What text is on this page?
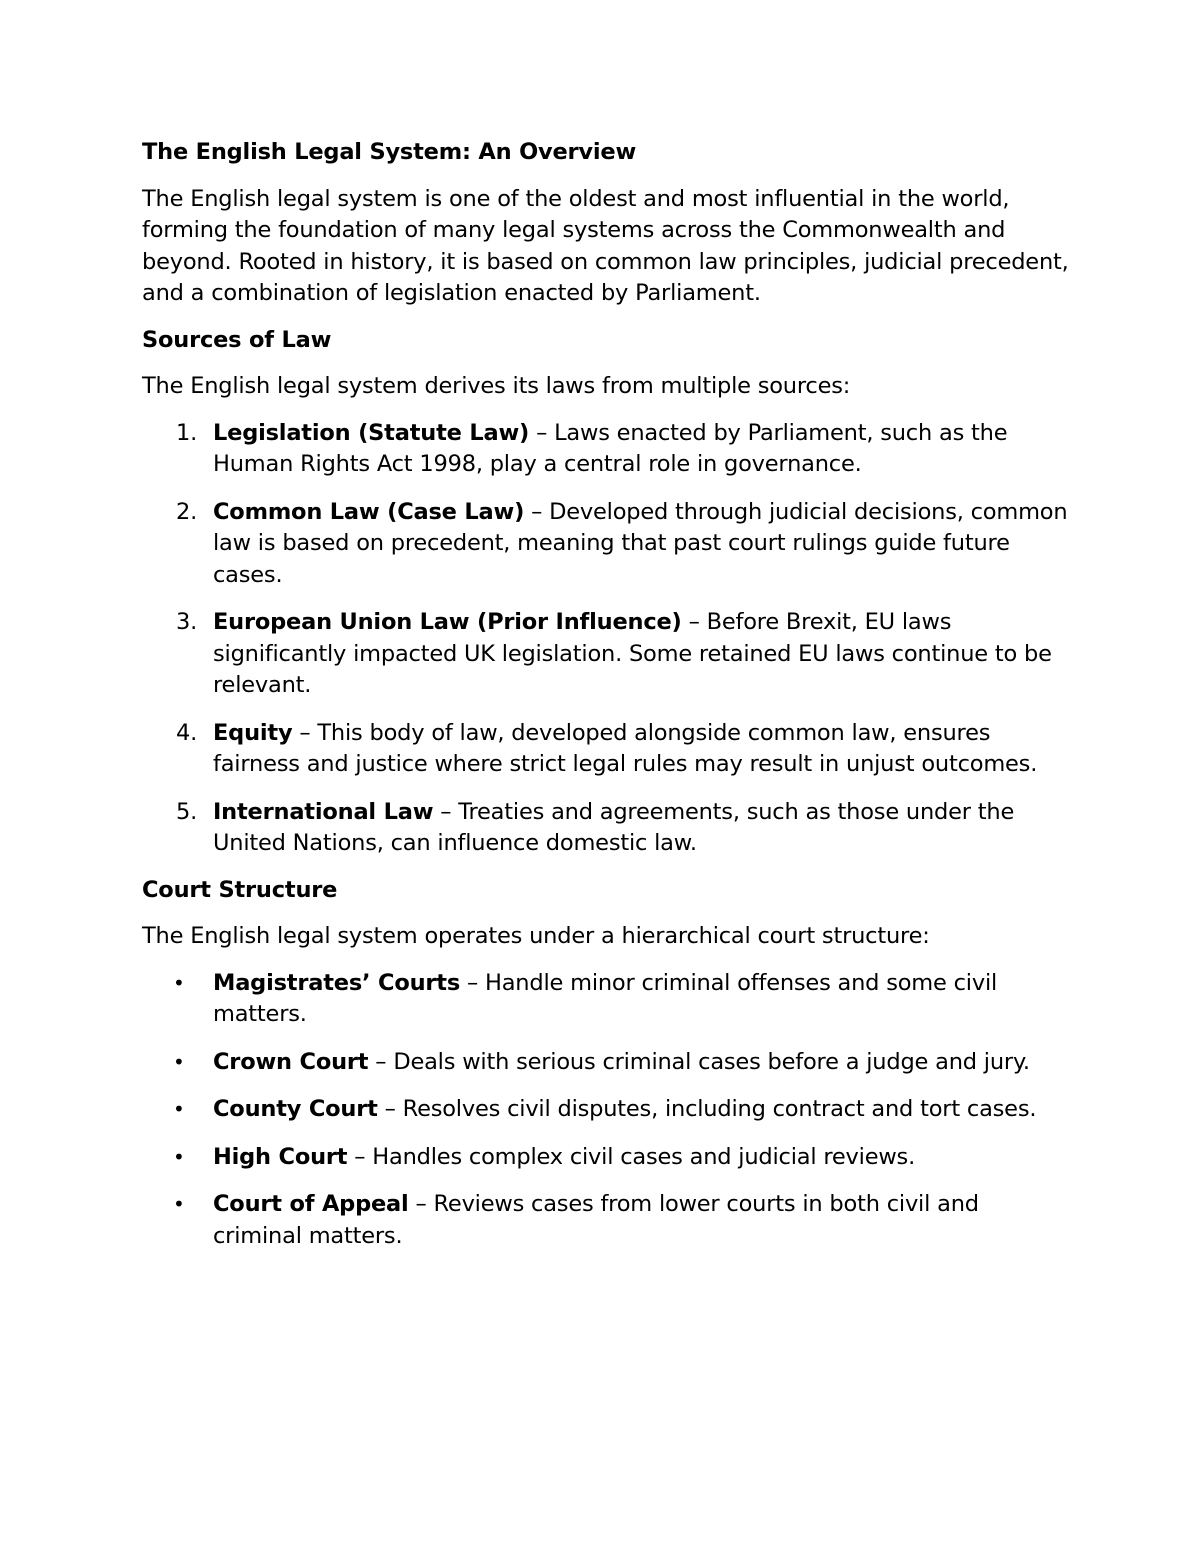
The English Legal System: An Overview
The English legal system is one of the oldest and most influential in the world, forming the foundation of many legal systems across the Commonwealth and beyond. Rooted in history, it is based on common law principles, judicial precedent, and a combination of legislation enacted by Parliament.
Sources of Law
The English legal system derives its laws from multiple sources:
1. Legislation (Statute Law) – Laws enacted by Parliament, such as the Human Rights Act 1998, play a central role in governance.
2. Common Law (Case Law) – Developed through judicial decisions, common law is based on precedent, meaning that past court rulings guide future cases.
3. European Union Law (Prior Influence) – Before Brexit, EU laws significantly impacted UK legislation. Some retained EU laws continue to be relevant.
4. Equity – This body of law, developed alongside common law, ensures fairness and justice where strict legal rules may result in unjust outcomes.
5. International Law – Treaties and agreements, such as those under the United Nations, can influence domestic law.
Court Structure
The English legal system operates under a hierarchical court structure:
• Magistrates’ Courts – Handle minor criminal offenses and some civil matters.
• Crown Court – Deals with serious criminal cases before a judge and jury.
• County Court – Resolves civil disputes, including contract and tort cases.
• High Court – Handles complex civil cases and judicial reviews.
• Court of Appeal – Reviews cases from lower courts in both civil and criminal matters.
